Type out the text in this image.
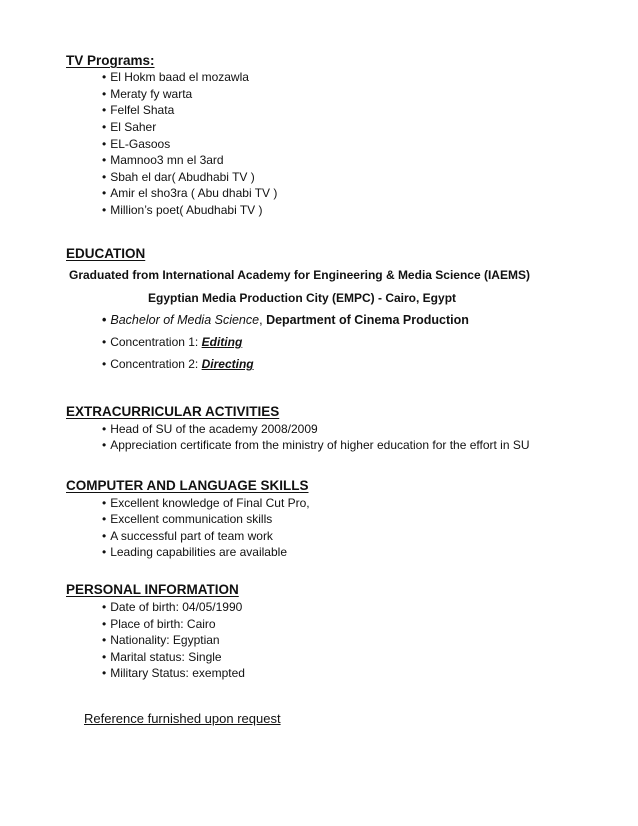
TV Programs:
• El Hokm baad el mozawla
• Meraty fy warta
• Felfel Shata
• El Saher
• EL-Gasoos
• Mamnoo3 mn el 3ard
• Sbah el dar( Abudhabi TV )
• Amir el sho3ra ( Abu dhabi TV )
• Million’s poet( Abudhabi TV )
EDUCATION
Graduated from International Academy for Engineering & Media Science (IAEMS)
Egyptian Media Production City (EMPC) - Cairo, Egypt
• Bachelor of Media Science, Department of Cinema Production
• Concentration 1: Editing
• Concentration 2: Directing
EXTRACURRICULAR ACTIVITIES
• Head of SU of the academy 2008/2009
• Appreciation certificate from the ministry of higher education for the effort in SU
COMPUTER AND LANGUAGE SKILLS
• Excellent knowledge of Final Cut Pro,
• Excellent communication skills
• A successful part of team work
• Leading capabilities are available
PERSONAL INFORMATION
• Date of birth: 04/05/1990
• Place of birth: Cairo
• Nationality: Egyptian
• Marital status: Single
• Military Status: exempted
Reference furnished upon request
